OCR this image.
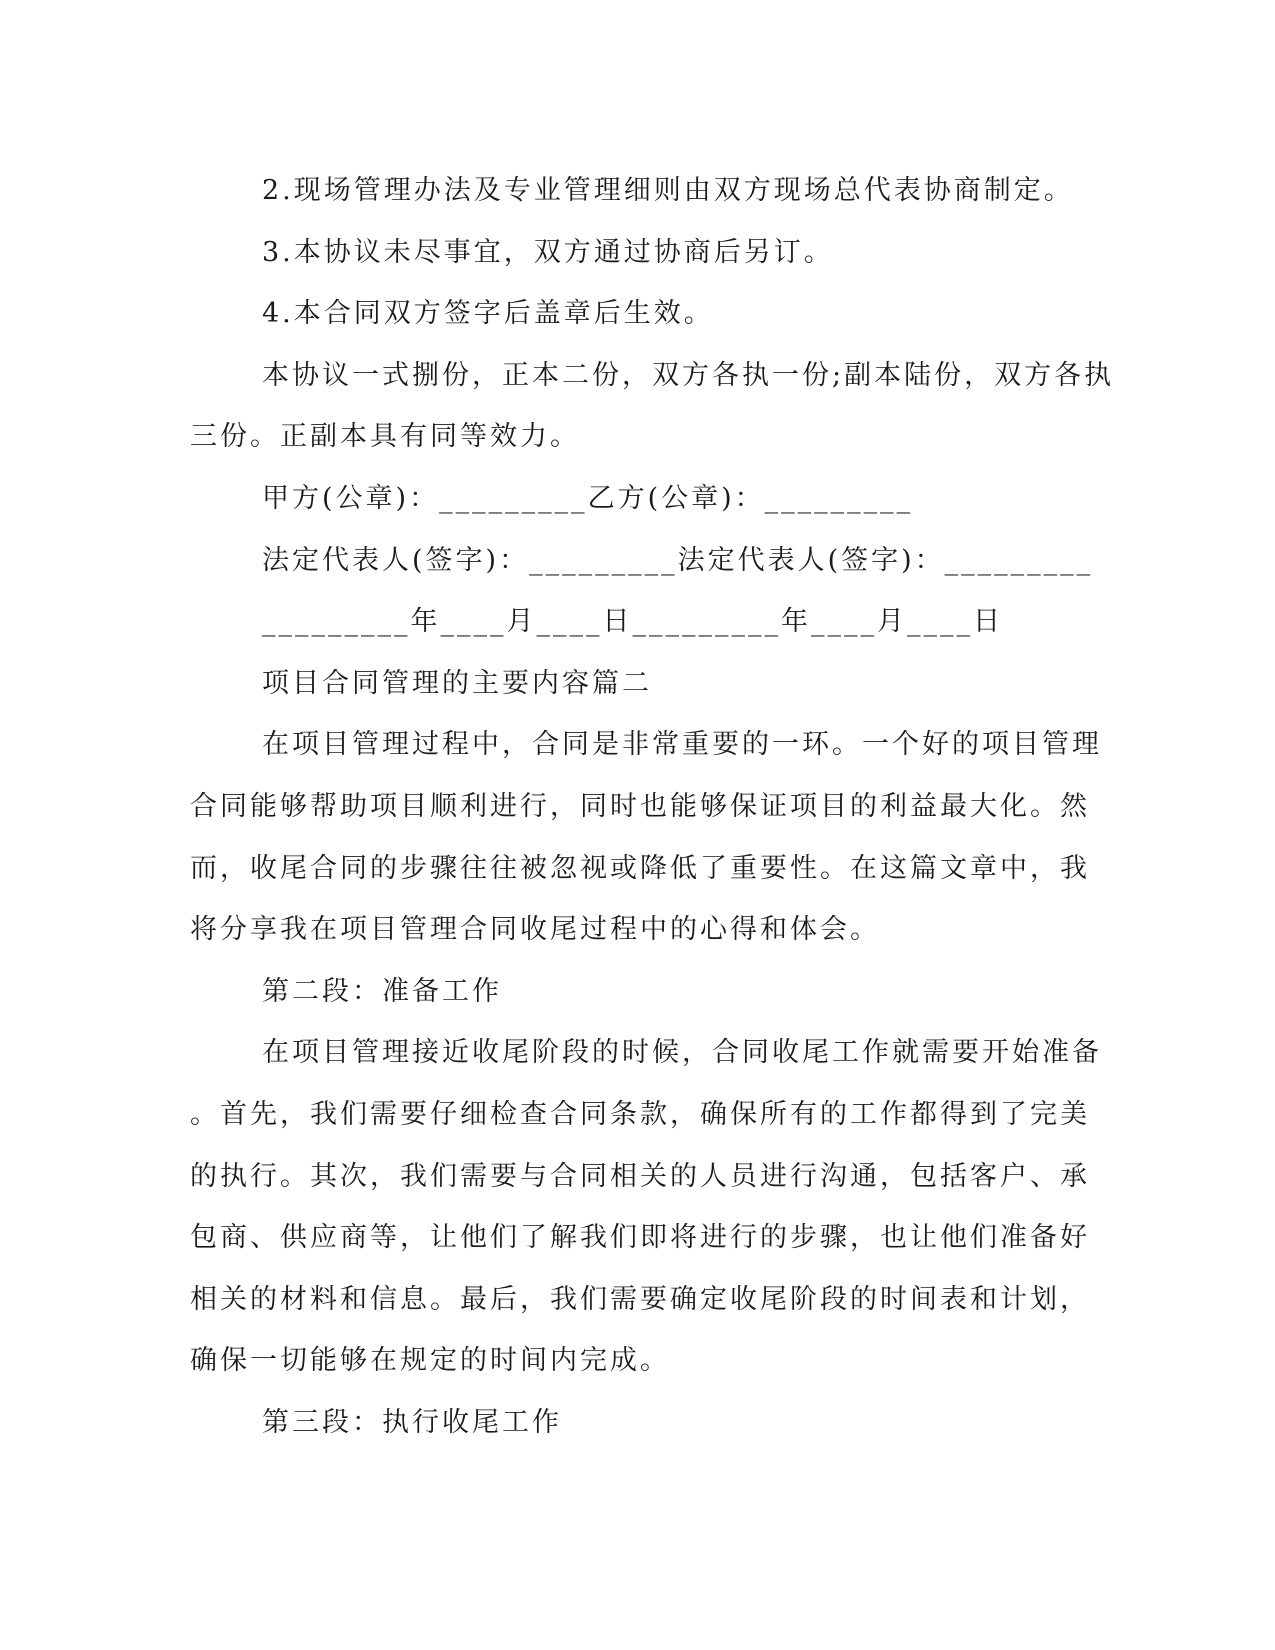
2.现场管理办法及专业管理细则由双方现场总代表协商制定。
3.本协议未尽事宜，双方通过协商后另订。
4.本合同双方签字后盖章后生效。
本协议一式捌份，正本二份，双方各执一份;副本陆份，双方各执
三份。正副本具有同等效力。
甲方(公章)：_________乙方(公章)：_________
法定代表人(签字)：_________法定代表人(签字)：_________
_________年____月____日_________年____月____日
项目合同管理的主要内容篇二
在项目管理过程中，合同是非常重要的一环。一个好的项目管理
合同能够帮助项目顺利进行，同时也能够保证项目的利益最大化。然
而，收尾合同的步骤往往被忽视或降低了重要性。在这篇文章中，我
将分享我在项目管理合同收尾过程中的心得和体会。
第二段：准备工作
在项目管理接近收尾阶段的时候，合同收尾工作就需要开始准备
。首先，我们需要仔细检查合同条款，确保所有的工作都得到了完美
的执行。其次，我们需要与合同相关的人员进行沟通，包括客户、承
包商、供应商等，让他们了解我们即将进行的步骤，也让他们准备好
相关的材料和信息。最后，我们需要确定收尾阶段的时间表和计划，
确保一切能够在规定的时间内完成。
第三段：执行收尾工作
